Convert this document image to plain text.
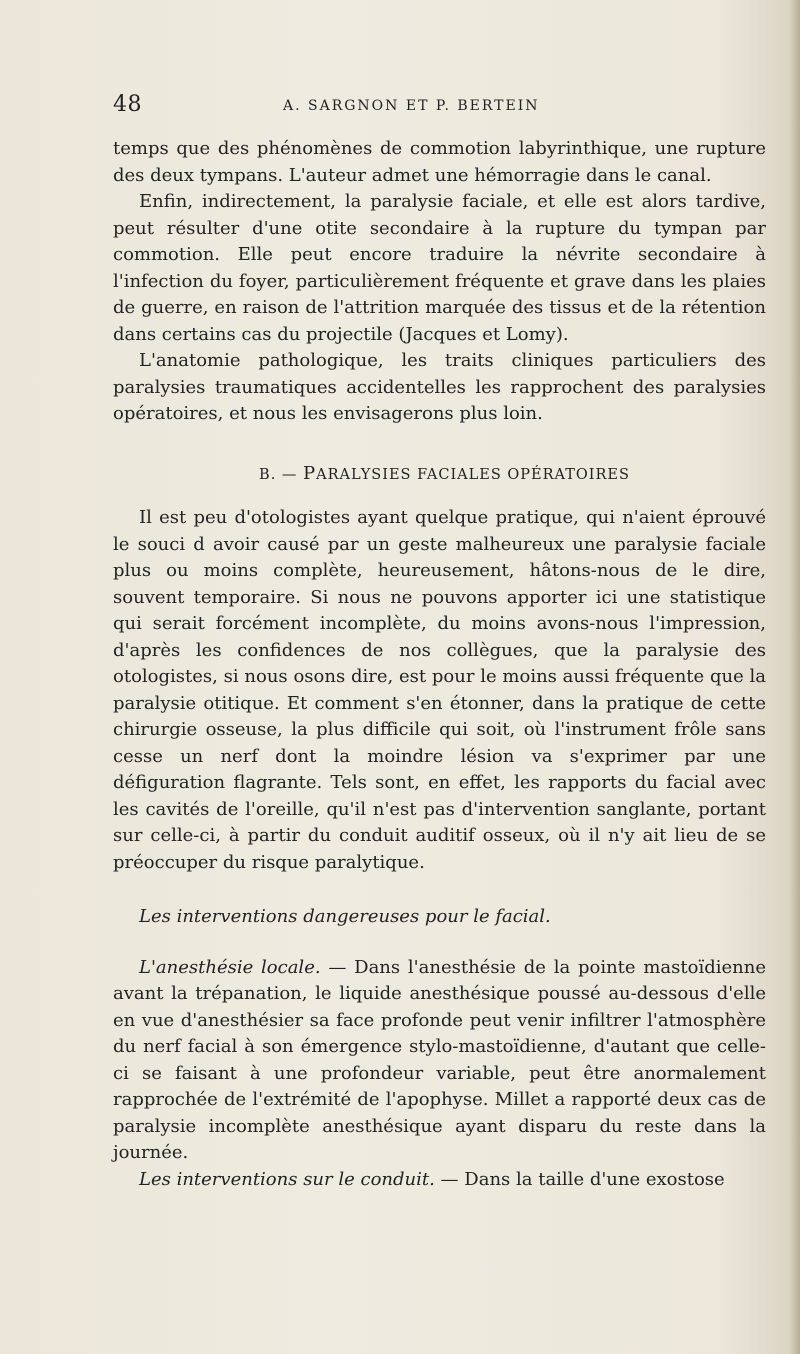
48	A. SARGNON ET P. BERTEIN

temps que des phénomènes de commotion labyrinthique, une rupture des deux tympans. L'auteur admet une hémorragie dans le canal.

Enfin, indirectement, la paralysie faciale, et elle est alors tardive, peut résulter d'une otite secondaire à la rupture du tympan par commotion. Elle peut encore traduire la névrite secondaire à l'infection du foyer, particulièrement fréquente et grave dans les plaies de guerre, en raison de l'attrition marquée des tissus et de la rétention dans certains cas du projectile (Jacques et Lomy).

L'anatomie pathologique, les traits cliniques particuliers des paralysies traumatiques accidentelles les rapprochent des paralysies opératoires, et nous les envisagerons plus loin.

B. — PARALYSIES FACIALES OPÉRATOIRES

Il est peu d'otologistes ayant quelque pratique, qui n'aient éprouvé le souci d avoir causé par un geste malheureux une paralysie faciale plus ou moins complète, heureusement, hâtons-nous de le dire, souvent temporaire. Si nous ne pouvons apporter ici une statistique qui serait forcément incomplète, du moins avons-nous l'impression, d'après les confidences de nos collègues, que la paralysie des otologistes, si nous osons dire, est pour le moins aussi fréquente que la paralysie otitique. Et comment s'en étonner, dans la pratique de cette chirurgie osseuse, la plus difficile qui soit, où l'instrument frôle sans cesse un nerf dont la moindre lésion va s'exprimer par une défiguration flagrante. Tels sont, en effet, les rapports du facial avec les cavités de l'oreille, qu'il n'est pas d'intervention sanglante, portant sur celle-ci, à partir du conduit auditif osseux, où il n'y ait lieu de se préoccuper du risque paralytique.

Les interventions dangereuses pour le facial.

L'anesthésie locale. — Dans l'anesthésie de la pointe mastoïdienne avant la trépanation, le liquide anesthésique poussé au-dessous d'elle en vue d'anesthésier sa face profonde peut venir infiltrer l'atmosphère du nerf facial à son émergence stylo-mastoïdienne, d'autant que celle-ci se faisant à une profondeur variable, peut être anormalement rapprochée de l'extrémité de l'apophyse. Millet a rapporté deux cas de paralysie incomplète anesthésique ayant disparu du reste dans la journée.

Les interventions sur le conduit. — Dans la taille d'une exostose
